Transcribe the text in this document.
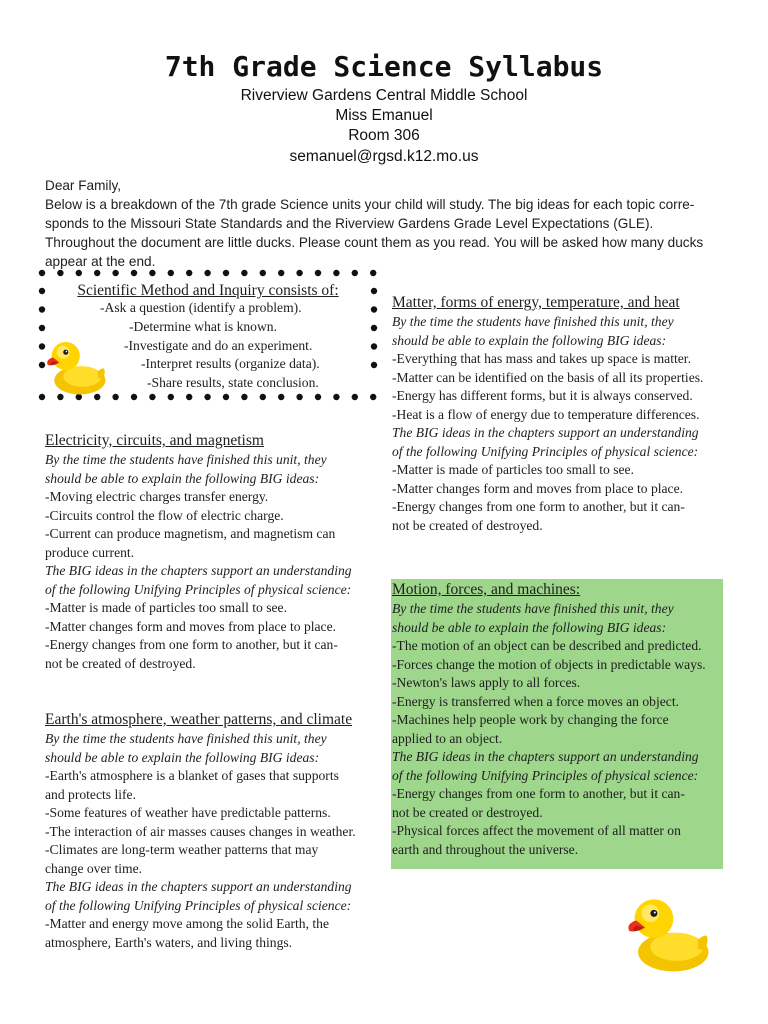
7th Grade Science Syllabus
Riverview Gardens Central Middle School
Miss Emanuel
Room 306
semanuel@rgsd.k12.mo.us
Dear Family,
Below is a breakdown of the 7th grade Science units your child will study. The big ideas for each topic corre-
sponds to the Missouri State Standards and the Riverview Gardens Grade Level Expectations (GLE).
Throughout the document are little ducks. Please count them as you read. You will be asked how many ducks
appear at the end.
Scientific Method and Inquiry consists of:
-Ask a question (identify a problem).
-Determine what is known.
-Investigate and do an experiment.
-Interpret results (organize data).
-Share results, state conclusion.
Matter, forms of energy, temperature, and heat
By the time the students have finished this unit, they
should be able to explain the following BIG ideas:
-Everything that has mass and takes up space is matter.
-Matter can be identified on the basis of all its properties.
-Energy has different forms, but it is always conserved.
-Heat is a flow of energy due to temperature differences.
The BIG ideas in the chapters support an understanding
of the following Unifying Principles of physical science:
-Matter is made of particles too small to see.
-Matter changes form and moves from place to place.
-Energy changes from one form to another, but it can-
not be created of destroyed.
Electricity, circuits, and magnetism
By the time the students have finished this unit, they
should be able to explain the following BIG ideas:
-Moving electric charges transfer energy.
-Circuits control the flow of electric charge.
-Current can produce magnetism, and magnetism can
produce current.
The BIG ideas in the chapters support an understanding
of the following Unifying Principles of physical science:
-Matter is made of particles too small to see.
-Matter changes form and moves from place to place.
-Energy changes from one form to another, but it can-
not be created of destroyed.
Motion, forces, and machines:
By the time the students have finished this unit, they
should be able to explain the following BIG ideas:
-The motion of an object can be described and predicted.
-Forces change the motion of objects in predictable ways.
-Newton's laws apply to all forces.
-Energy is transferred when a force moves an object.
-Machines help people work by changing the force
applied to an object.
The BIG ideas in the chapters support an understanding
of the following Unifying Principles of physical science:
-Energy changes from one form to another, but it can-
not be created or destroyed.
-Physical forces affect the movement of all matter on
earth and throughout the universe.
Earth's atmosphere, weather patterns, and climate
By the time the students have finished this unit, they
should be able to explain the following BIG ideas:
-Earth's atmosphere is a blanket of gases that supports
and protects life.
-Some features of weather have predictable patterns.
-The interaction of air masses causes changes in weather.
-Climates are long-term weather patterns that may
change over time.
The BIG ideas in the chapters support an understanding
of the following Unifying Principles of physical science:
-Matter and energy move among the solid Earth, the
atmosphere, Earth's waters, and living things.
